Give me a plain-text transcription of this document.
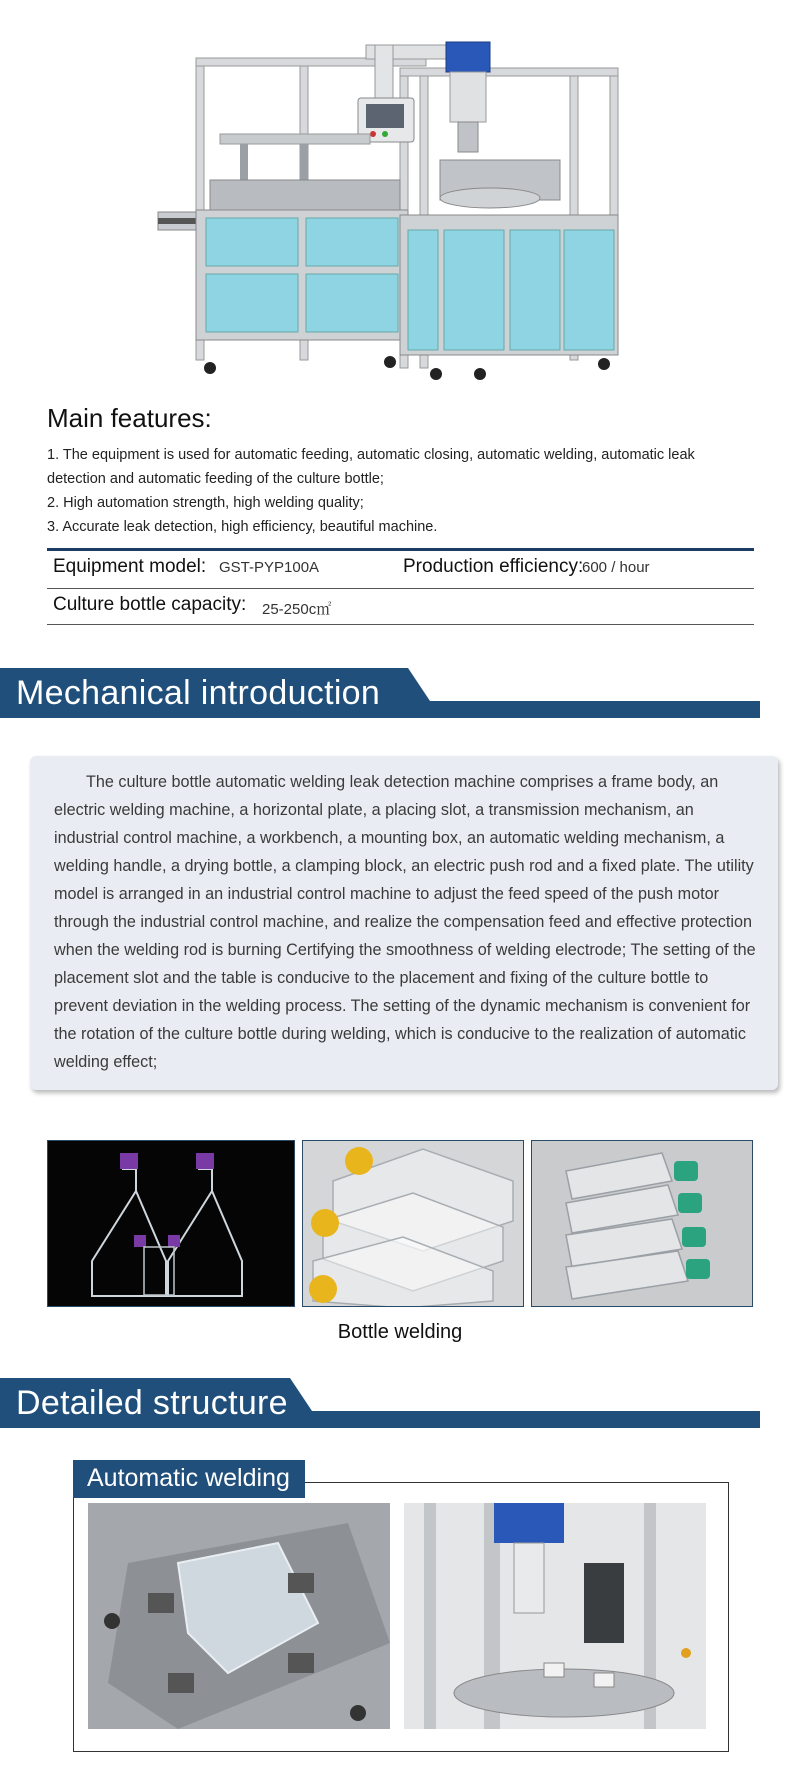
Main features:
1. The equipment is used for automatic feeding, automatic closing, automatic welding, automatic leak detection and automatic feeding of the culture bottle;
2. High automation strength, high welding quality;
3. Accurate leak detection, high efficiency, beautiful machine.
Equipment model: GST-PYP100A	Production efficiency:
600 / hour
Culture bottle capacity: 25-250c㎡
Mechanical introduction

The culture bottle automatic welding leak detection machine comprises a frame body, an electric welding machine, a horizontal plate, a placing slot, a transmission mechanism, an industrial control machine, a workbench, a mounting box, an automatic welding mechanism, a welding handle, a drying bottle, a clamping block, an electric push rod and a fixed plate. The utility model is arranged in an industrial control machine to adjust the feed speed of the push motor through the industrial control machine, and realize the compensation feed and effective protection when the welding rod is burning Certifying the smoothness of welding electrode; The setting of the placement slot and the table is conducive to the placement and fixing of the culture bottle to prevent deviation in the welding process. The setting of the dynamic mechanism is convenient for the rotation of the culture bottle during welding, which is conducive to the realization of automatic welding effect;

Bottle welding
Detailed structure
Automatic welding
